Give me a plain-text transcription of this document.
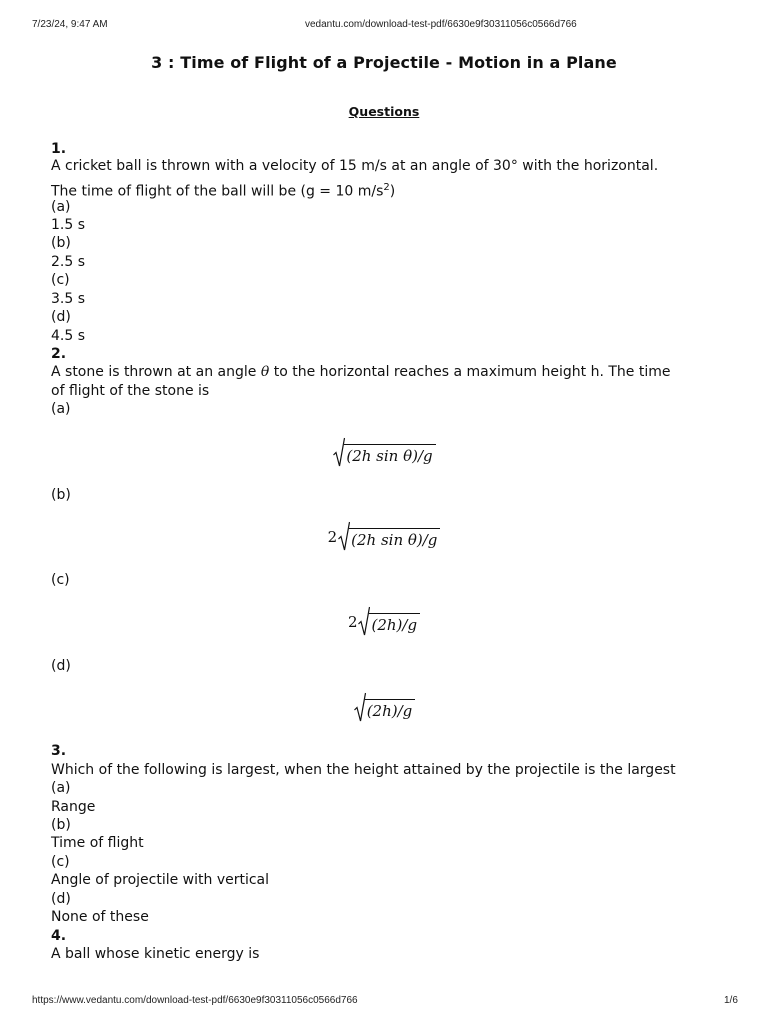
7/23/24, 9:47 AM	vedantu.com/download-test-pdf/6630e9f30311056c0566d766
https://www.vedantu.com/download-test-pdf/6630e9f30311056c0566d766	1/6
3 : Time of Flight of a Projectile - Motion in a Plane
Questions
1.
A cricket ball is thrown with a velocity of 15 m/s at an angle of 30° with the horizontal.
The time of flight of the ball will be (g = 10 $m/s^2$)
(a)
1.5 s
(b)
2.5 s
(c)
3.5 s
(d)
4.5 s
2.
A stone is thrown at an angle θ to the horizontal reaches a maximum height h. The time
of flight of the stone is
(a)
(2h sin θ)/g
(b)
2 (2h sin θ)/g
(c)
2 (2h)/g
(d)
(2h)/g
3.
Which of the following is largest, when the height attained by the projectile is the largest
(a)
Range
(b)
Time of flight
(c)
Angle of projectile with vertical
(d)
None of these
4.
A ball whose kinetic energy is
